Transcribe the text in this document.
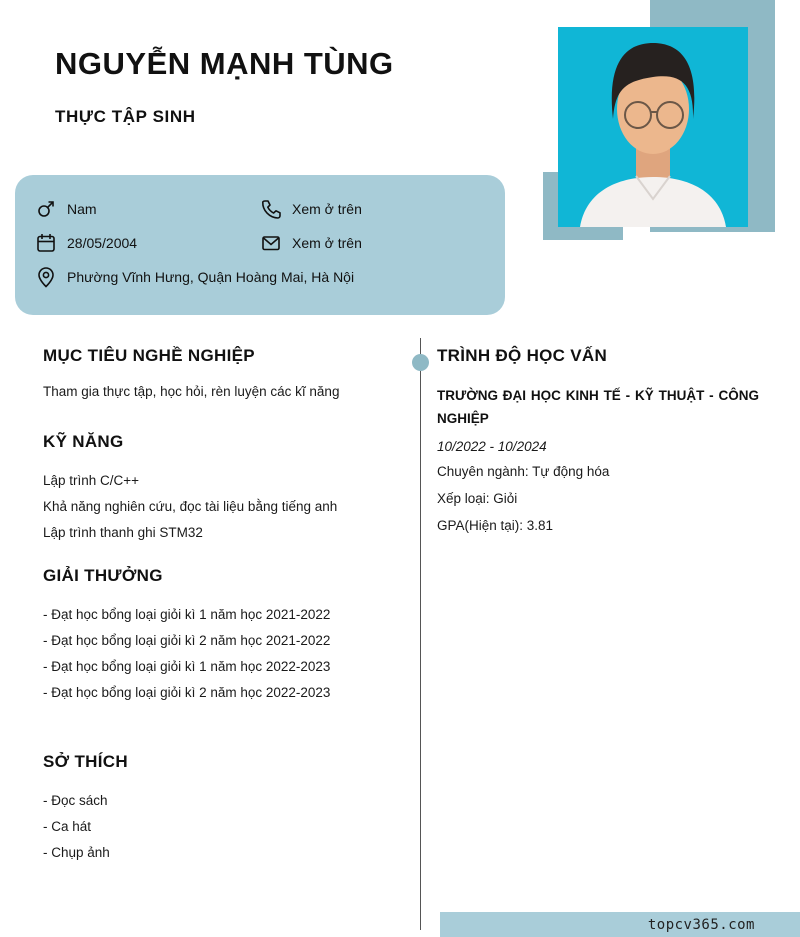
NGUYỄN MẠNH TÙNG
THỰC TẬP SINH
Nam	Xem ở trên
28/05/2004	Xem ở trên
Phường Vĩnh Hưng, Quận Hoàng Mai, Hà Nội
MỤC TIÊU NGHỀ NGHIỆP

Tham gia thực tập, học hỏi, rèn luyện các kĩ năng

KỸ NĂNG
Lập trình C/C++
Khả năng nghiên cứu, đọc tài liệu bằng tiếng anh
Lập trình thanh ghi STM32
GIẢI THƯỞNG
- Đạt học bổng loại giỏi kì 1 năm học 2021-2022
- Đạt học bổng loại giỏi kì 2 năm học 2021-2022
- Đạt học bổng loại giỏi kì 1 năm học 2022-2023
- Đạt học bổng loại giỏi kì 2 năm học 2022-2023
SỞ THÍCH
- Đọc sách
- Ca hát
- Chụp ảnh
TRÌNH ĐỘ HỌC VẤN
TRƯỜNG ĐẠI HỌC KINH TẾ - KỸ THUẬT - CÔNG NGHIỆP
10/2022 - 10/2024
Chuyên ngành: Tự động hóa
Xếp loại: Giỏi
GPA(Hiện tại): 3.81
topcv365.com
